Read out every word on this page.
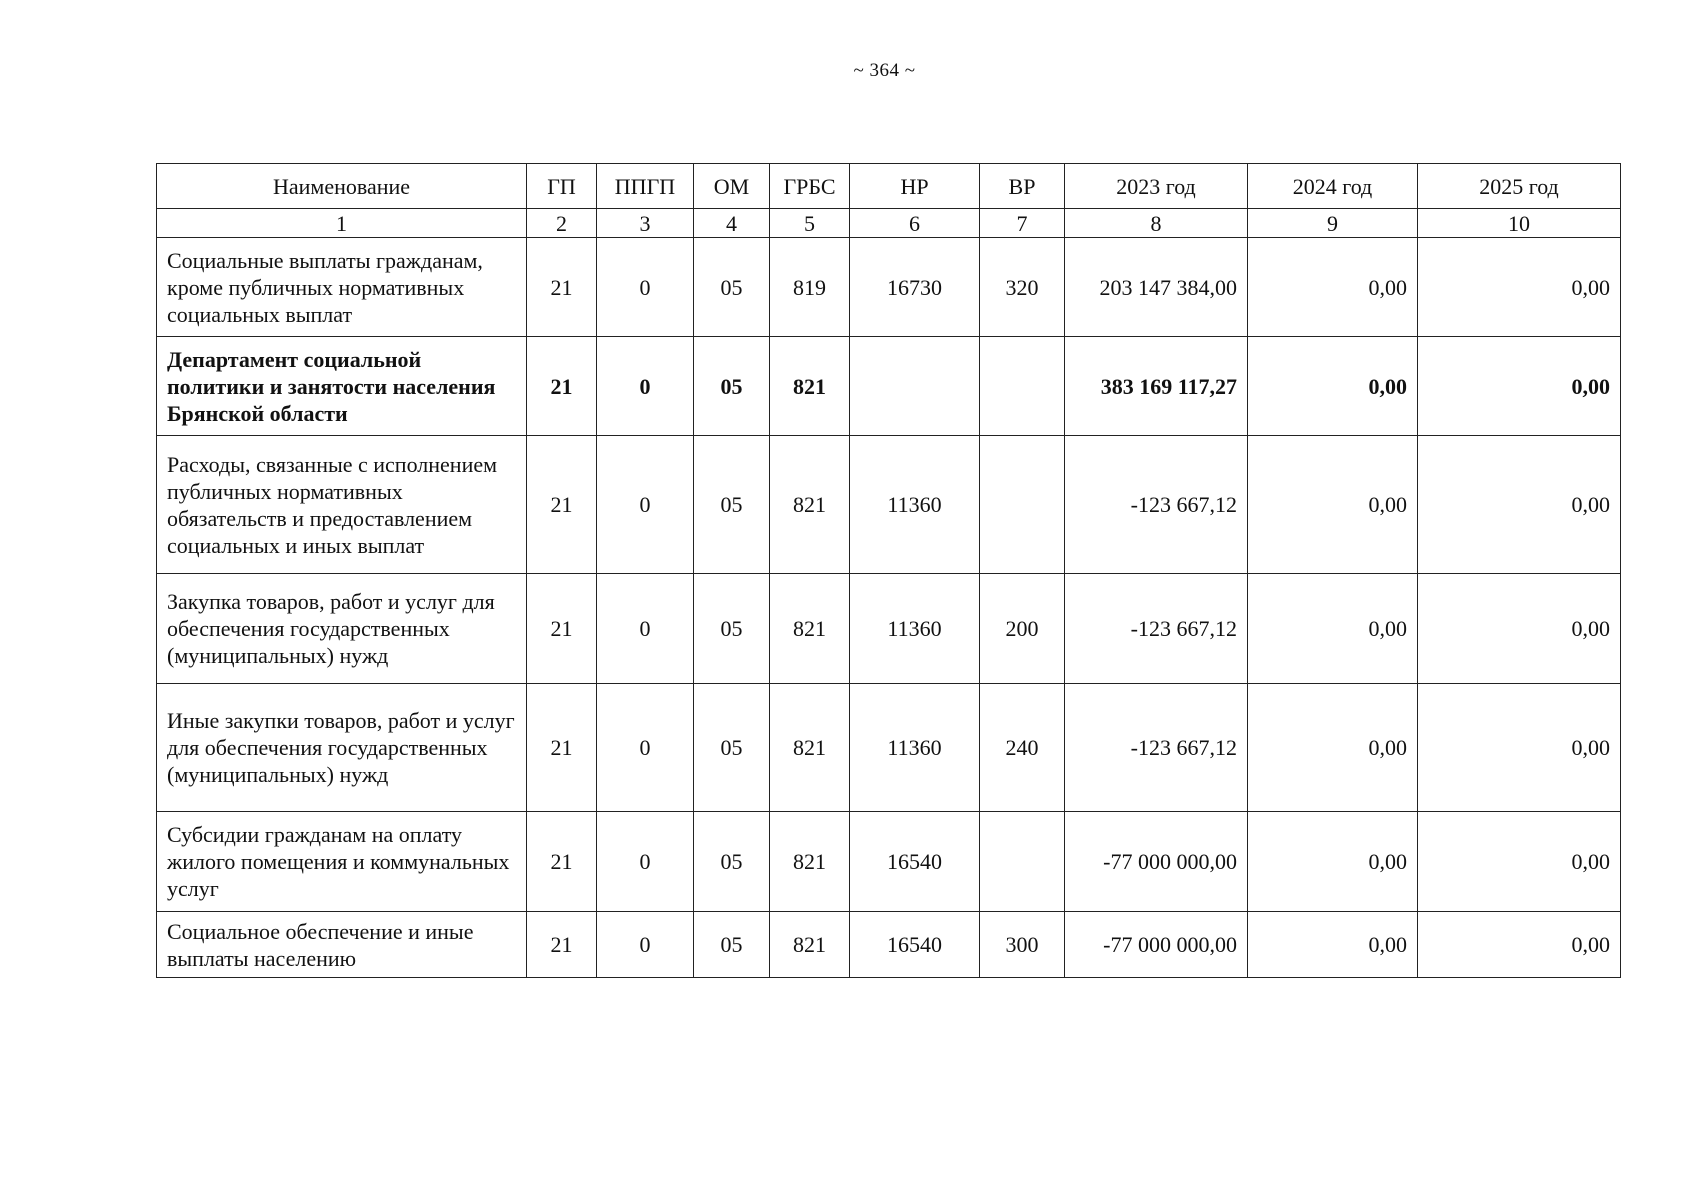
~ 364 ~
Наименование	ГП	ППГП	ОМ	ГРБС	НР	ВР	2023 год	2024 год	2025 год
1	2	3	4	5	6	7	8	9	10
Социальные выплаты гражданам, кроме публичных нормативных социальных выплат	21	0	05	819	16730	320	203 147 384,00	0,00	0,00
Департамент социальной политики и занятости населения Брянской области	21	0	05	821			383 169 117,27	0,00	0,00
Расходы, связанные с исполнением публичных нормативных обязательств и предоставлением социальных и иных выплат	21	0	05	821	11360		-123 667,12	0,00	0,00
Закупка товаров, работ и услуг для обеспечения государственных (муниципальных) нужд	21	0	05	821	11360	200	-123 667,12	0,00	0,00
Иные закупки товаров, работ и услуг для обеспечения государственных (муниципальных) нужд	21	0	05	821	11360	240	-123 667,12	0,00	0,00
Субсидии гражданам на оплату жилого помещения и коммунальных услуг	21	0	05	821	16540		-77 000 000,00	0,00	0,00
Социальное обеспечение и иные выплаты населению	21	0	05	821	16540	300	-77 000 000,00	0,00	0,00
